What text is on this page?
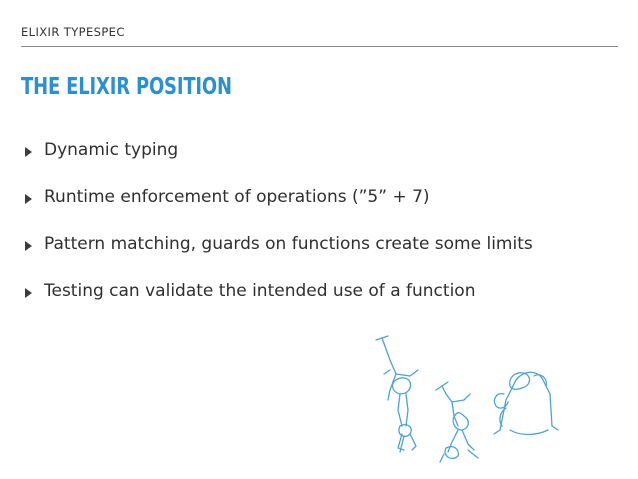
ELIXIR TYPESPEC
THE ELIXIR POSITION
Dynamic typing
Runtime enforcement of operations (”5” + 7)
Pattern matching, guards on functions create some limits
Testing can validate the intended use of a function
